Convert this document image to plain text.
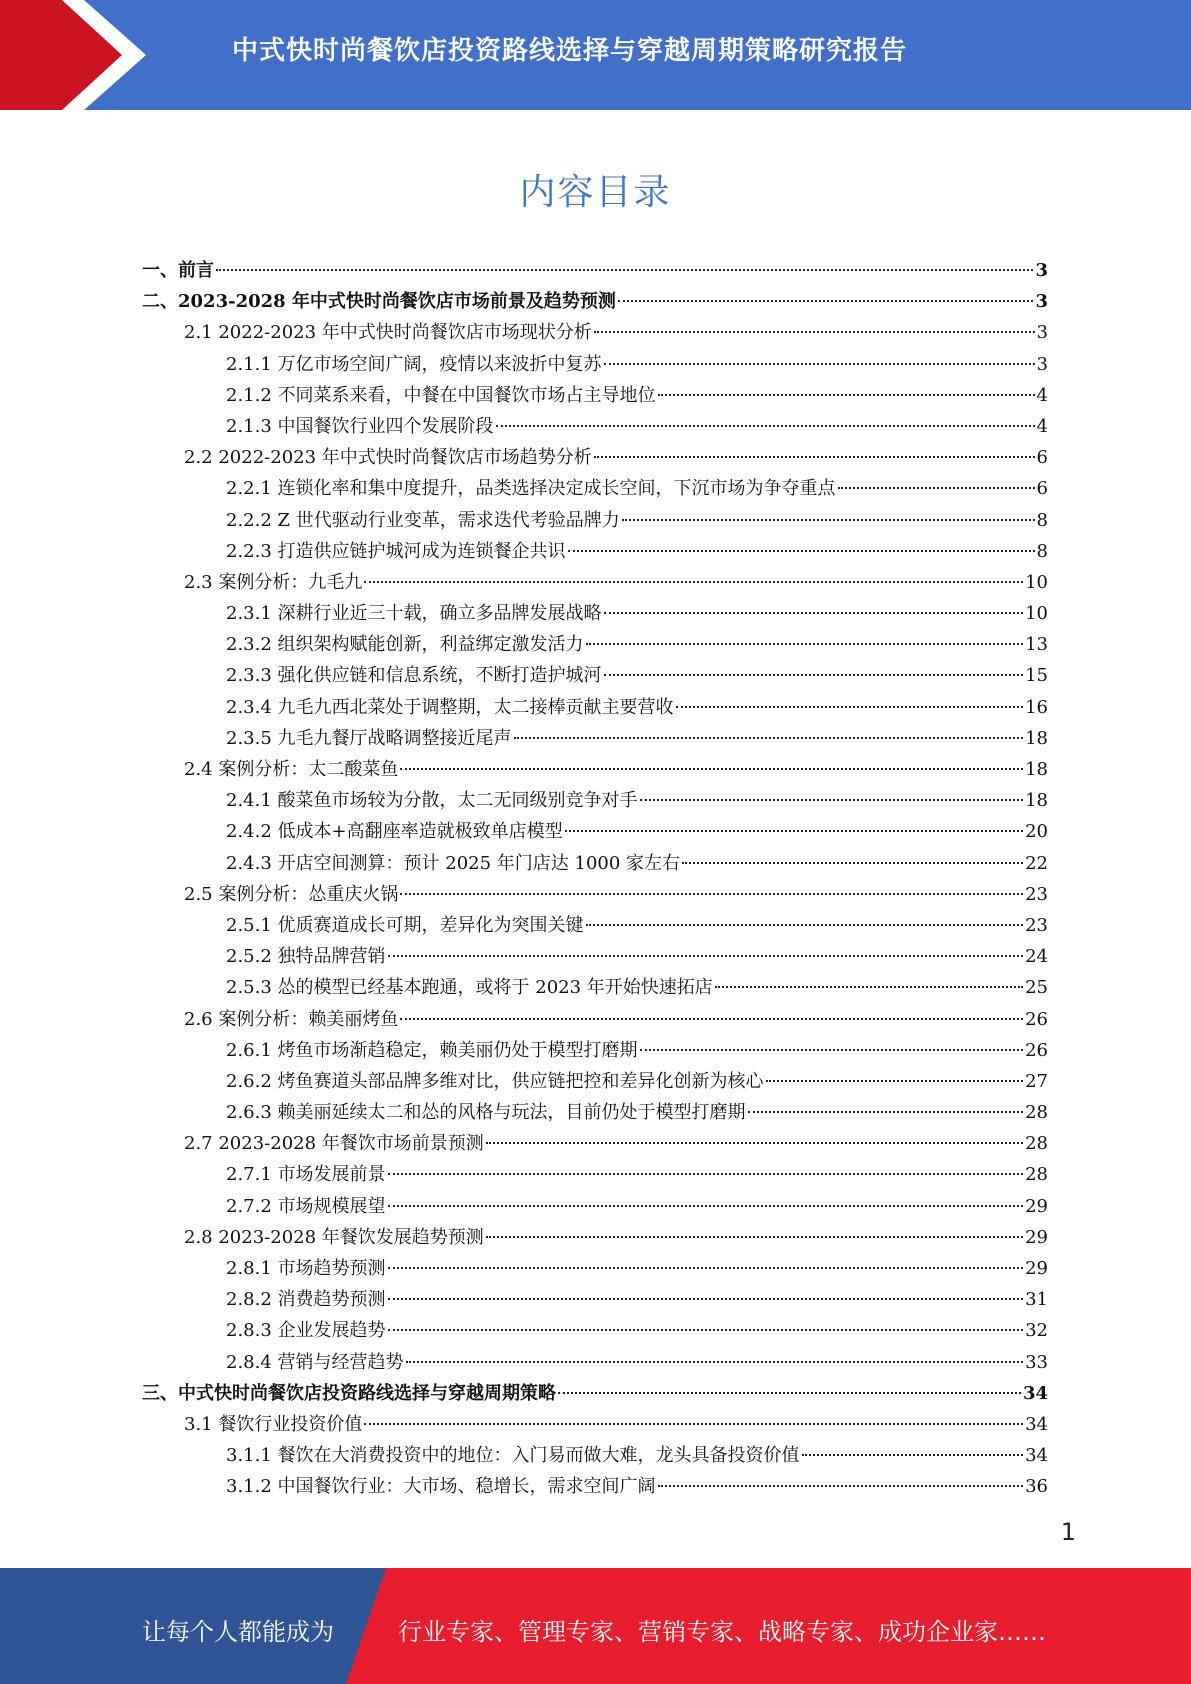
中式快时尚餐饮店投资路线选择与穿越周期策略研究报告
内容目录
一、前言	3
二、2023-2028 年中式快时尚餐饮店市场前景及趋势预测	3
2.1 2022-2023 年中式快时尚餐饮店市场现状分析	3
2.1.1 万亿市场空间广阔，疫情以来波折中复苏	3
2.1.2 不同菜系来看，中餐在中国餐饮市场占主导地位	4
2.1.3 中国餐饮行业四个发展阶段	4
2.2 2022-2023 年中式快时尚餐饮店市场趋势分析	6
2.2.1 连锁化率和集中度提升，品类选择决定成长空间，下沉市场为争夺重点	6
2.2.2 Z 世代驱动行业变革，需求迭代考验品牌力	8
2.2.3 打造供应链护城河成为连锁餐企共识	8
2.3 案例分析：九毛九	10
2.3.1 深耕行业近三十载，确立多品牌发展战略	10
2.3.2 组织架构赋能创新，利益绑定激发活力	13
2.3.3 强化供应链和信息系统，不断打造护城河	15
2.3.4 九毛九西北菜处于调整期，太二接棒贡献主要营收	16
2.3.5 九毛九餐厅战略调整接近尾声	18
2.4 案例分析：太二酸菜鱼	18
2.4.1 酸菜鱼市场较为分散，太二无同级别竞争对手	18
2.4.2 低成本+高翻座率造就极致单店模型	20
2.4.3 开店空间测算：预计 2025 年门店达 1000 家左右	22
2.5 案例分析：怂重庆火锅	23
2.5.1 优质赛道成长可期，差异化为突围关键	23
2.5.2 独特品牌营销	24
2.5.3 怂的模型已经基本跑通，或将于 2023 年开始快速拓店	25
2.6 案例分析：赖美丽烤鱼	26
2.6.1 烤鱼市场渐趋稳定，赖美丽仍处于模型打磨期	26
2.6.2 烤鱼赛道头部品牌多维对比，供应链把控和差异化创新为核心	27
2.6.3 赖美丽延续太二和怂的风格与玩法，目前仍处于模型打磨期	28
2.7 2023-2028 年餐饮市场前景预测	28
2.7.1 市场发展前景	28
2.7.2 市场规模展望	29
2.8 2023-2028 年餐饮发展趋势预测	29
2.8.1 市场趋势预测	29
2.8.2 消费趋势预测	31
2.8.3 企业发展趋势	32
2.8.4 营销与经营趋势	33
三、中式快时尚餐饮店投资路线选择与穿越周期策略	34
3.1 餐饮行业投资价值	34
3.1.1 餐饮在大消费投资中的地位：入门易而做大难，龙头具备投资价值	34
3.1.2 中国餐饮行业：大市场、稳增长，需求空间广阔	36
1
让每个人都能成为	行业专家、管理专家、营销专家、战略专家、成功企业家……
